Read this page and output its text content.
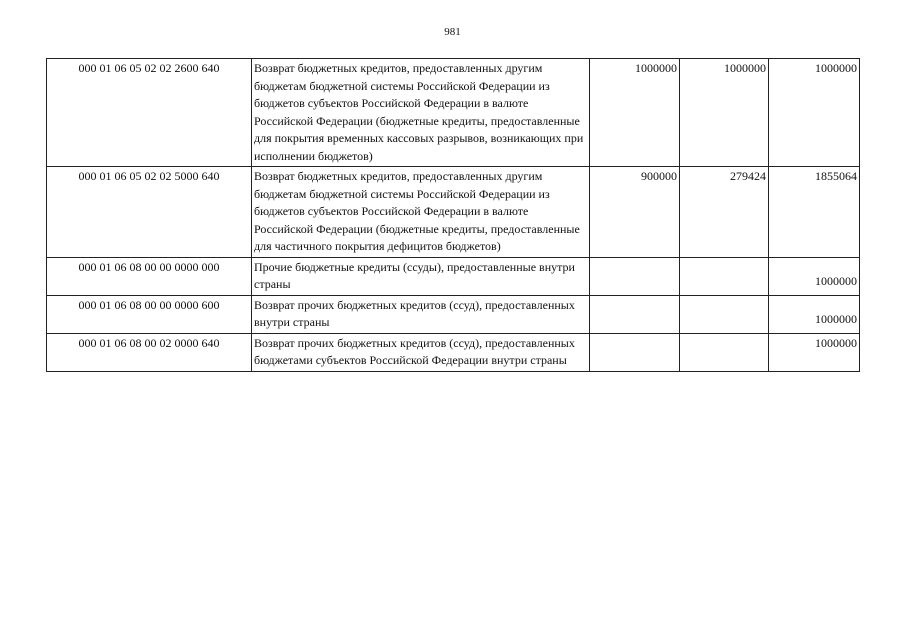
981
000 01 06 05 02 02 2600 640	Возврат бюджетных кредитов, предоставленных другим бюджетам бюджетной системы Российской Федерации из бюджетов субъектов Российской Федерации в валюте Российской Федерации (бюджетные кредиты, предоставленные для покрытия временных кассовых разрывов, возникающих при исполнении бюджетов)	1000000	1000000	1000000
000 01 06 05 02 02 5000 640	Возврат бюджетных кредитов, предоставленных другим бюджетам бюджетной системы Российской Федерации из бюджетов субъектов Российской Федерации в валюте Российской Федерации (бюджетные кредиты, предоставленные для частичного покрытия дефицитов бюджетов)	900000	279424	1855064
000 01 06 08 00 00 0000 000	Прочие бюджетные кредиты (ссуды), предоставленные внутри страны			1000000
000 01 06 08 00 00 0000 600	Возврат прочих бюджетных кредитов (ссуд), предоставленных внутри страны			1000000
000 01 06 08 00 02 0000 640	Возврат прочих бюджетных кредитов (ссуд), предоставленных бюджетами субъектов Российской Федерации внутри страны			1000000
